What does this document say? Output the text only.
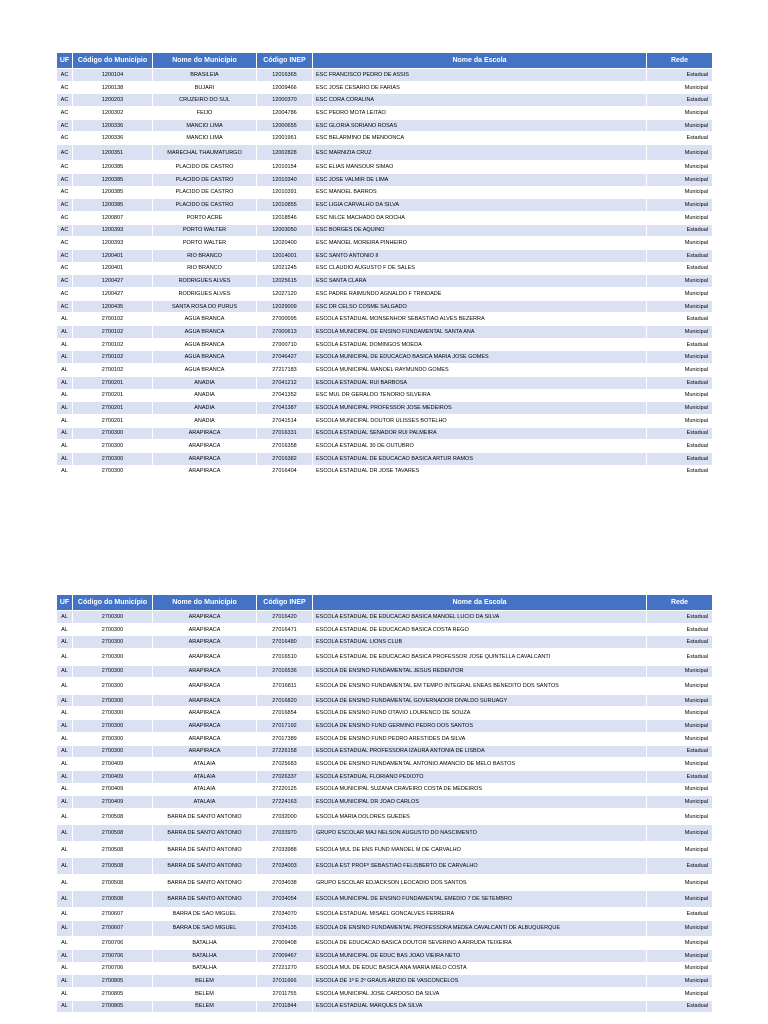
UF	Código do Município	Nome do Município	Código INEP	Nome da Escola	Rede
AC	1200104	BRASILEIA	12016365	ESC FRANCISCO PEDRO DE ASSIS	Estadual
AC	1200138	BUJARI	12009466	ESC JOSE CESARIO DE FARIAS	Municipal
AC	1200203	CRUZEIRO DO SUL	12000370	ESC CORA CORALINA	Estadual
AC	1200302	FEIJO	12004786	ESC PEDRO MOTA LEITAO	Municipal
AC	1200336	MANCIO LIMA	12000655	ESC GLORIA SORIANO ROSAS	Municipal
AC	1200336	MANCIO LIMA	12001961	ESC BELARMINO DE MENDONCA	Estadual
AC	1200351	MARECHAL THAUMATURGO	12002828	ESC MARNIZIA CRUZ	Municipal
AC	1200385	PLACIDO DE CASTRO	12010154	ESC ELIAS MANSOUR SIMAO	Municipal
AC	1200385	PLACIDO DE CASTRO	12010340	ESC JOSE VALMIR DE LIMA	Municipal
AC	1200385	PLACIDO DE CASTRO	12010391	ESC MANOEL BARROS	Municipal
AC	1200385	PLACIDO DE CASTRO	12010855	ESC LIGIA CARVALHO DA SILVA	Municipal
AC	1200807	PORTO ACRE	12018546	ESC NILCE MACHADO DA ROCHA	Municipal
AC	1200393	PORTO WALTER	12003050	ESC BORGES DE AQUINO	Estadual
AC	1200393	PORTO WALTER	12020400	ESC MANOEL MOREIRA PINHEIRO	Municipal
AC	1200401	RIO BRANCO	12014001	ESC SANTO ANTONIO II	Estadual
AC	1200401	RIO BRANCO	12021245	ESC CLAUDIO AUGUSTO F DE SALES	Estadual
AC	1200427	RODRIGUES ALVES	12025615	ESC SANTA CLARA	Municipal
AC	1200427	RODRIGUES ALVES	12027120	ESC PADRE RAIMUNDO AGNALDO F TRINDADE	Municipal
AC	1200435	SANTA ROSA DO PURUS	12029009	ESC DR CELSO COSME SALGADO	Municipal
AL	2700102	AGUA BRANCA	27000095	ESCOLA ESTADUAL MONSENHOR SEBASTIAO ALVES BEZERRA	Estadual
AL	2700102	AGUA BRANCA	27000613	ESCOLA MUNICIPAL DE ENSINO FUNDAMENTAL SANTA ANA	Municipal
AL	2700102	AGUA BRANCA	27000710	ESCOLA ESTADUAL DOMINGOS MOEDA	Estadual
AL	2700102	AGUA BRANCA	27046427	ESCOLA MUNICIPAL DE EDUCACAO BASICA MARIA JOSE GOMES	Municipal
AL	2700102	AGUA BRANCA	27217183	ESCOLA MUNICIPAL MANOEL RAYMUNDO GOMES	Municipal
AL	2700201	ANADIA	27041212	ESCOLA ESTADUAL RUI BARBOSA	Estadual
AL	2700201	ANADIA	27041352	ESC MUL DR GERALDO TENORIO SILVEIRA	Municipal
AL	2700201	ANADIA	27041387	ESCOLA MUNICIPAL PROFESSOR JOSE MEDEIROS	Municipal
AL	2700201	ANADIA	27041514	ESCOLA MUNICIPAL DOUTOR ULISSES BOTELHO	Municipal
AL	2700300	ARAPIRACA	27016331	ESCOLA ESTADUAL SENADOR RUI PALMEIRA	Estadual
AL	2700300	ARAPIRACA	27016358	ESCOLA ESTADUAL 30 DE OUTUBRO	Estadual
AL	2700300	ARAPIRACA	27016382	ESCOLA ESTADUAL DE EDUCACAO BASICA ARTUR RAMOS	Estadual
AL	2700300	ARAPIRACA	27016404	ESCOLA ESTADUAL DR JOSE TAVARES	Estadual
UF	Código do Município	Nome do Município	Código INEP	Nome da Escola	Rede
AL	2700300	ARAPIRACA	27016420	ESCOLA ESTADUAL DE EDUCACAO BASICA MANOEL LUCIO DA SILVA	Estadual
AL	2700300	ARAPIRACA	27016471	ESCOLA ESTADUAL DE EDUCACAO BASICA COSTA REGO	Estadual
AL	2700300	ARAPIRACA	27016480	ESCOLA ESTADUAL LIONS CLUB	Estadual
AL	2700300	ARAPIRACA	27016510	ESCOLA ESTADUAL DE EDUCACAO BASICA PROFESSOR JOSE QUINTELLA CAVALCANTI	Estadual
AL	2700300	ARAPIRACA	27016536	ESCOLA DE ENSINO FUNDAMENTAL JESUS REDENTOR	Municipal
AL	2700300	ARAPIRACA	27016811	ESCOLA DE ENSINO FUNDAMENTAL EM TEMPO INTEGRAL ENEAS BENEDITO DOS SANTOS	Municipal
AL	2700300	ARAPIRACA	27016820	ESCOLA DE ENSINO FUNDAMENTAL GOVERNADOR DIVALDO SURUAGY	Municipal
AL	2700300	ARAPIRACA	27016854	ESCOLA DE ENSINO FUND OTAVIO LOURENCO DE SOUZA	Municipal
AL	2700300	ARAPIRACA	27017192	ESCOLA DE ENSINO FUND GERMINO PEDRO DOS SANTOS	Municipal
AL	2700300	ARAPIRACA	27017389	ESCOLA DE ENSINO FUND PEDRO ARESTIDES DA SILVA	Municipal
AL	2700300	ARAPIRACA	27226158	ESCOLA ESTADUAL PROFESSORA IZAURA ANTONIA DE LISBOA	Estadual
AL	2700409	ATALAIA	27025683	ESCOLA DE ENSINO FUNDAMENTAL ANTONIO AMANCIO DE MELO BASTOS	Municipal
AL	2700409	ATALAIA	27026337	ESCOLA ESTADUAL FLORIANO PEIXOTO	Estadual
AL	2700409	ATALAIA	27220125	ESCOLA MUNICIPAL SUZANA CRAVEIRO COSTA DE MEDEIROS	Municipal
AL	2700409	ATALAIA	27224163	ESCOLA MUNICIPAL DR JOAO CARLOS	Municipal
AL	2700508	BARRA DE SANTO ANTONIO	27032000	ESCOLA MARIA DOLORES GUEDES	Municipal
AL	2700508	BARRA DE SANTO ANTONIO	27033970	GRUPO ESCOLAR MAJ NELSON AUGUSTO DO NASCIMENTO	Municipal
AL	2700508	BARRA DE SANTO ANTONIO	27033988	ESCOLA MUL DE ENS FUND MANOEL M DE CARVALHO	Municipal
AL	2700508	BARRA DE SANTO ANTONIO	27034003	ESCOLA EST PROFº SEBASTIAO FELISBERTO DE CARVALHO	Estadual
AL	2700508	BARRA DE SANTO ANTONIO	27034038	GRUPO ESCOLAR EDJACKSON LEOCADIO DOS SANTOS	Municipal
AL	2700508	BARRA DE SANTO ANTONIO	27034054	ESCOLA MUNICIPAL DE ENSINO FUNDAMENTAL EMEDIO 7 DE SETEMBRO	Municipal
AL	2700607	BARRA DE SAO MIGUEL	27034070	ESCOLA ESTADUAL MISAEL GONCALVES FERREIRA	Estadual
AL	2700607	BARRA DE SAO MIGUEL	27034135	ESCOLA DE ENSINO FUNDAMENTAL PROFESSORA MEDEA CAVALCANTI DE ALBUQUERQUE	Municipal
AL	2700706	BATALHA	27009408	ESCOLA DE EDUCACAO BASICA DOUTOR SEVERINO A ARRUDA TEIXEIRA	Municipal
AL	2700706	BATALHA	27009467	ESCOLA MUNICIPAL DE EDUC BAS JOAO VIEIRA NETO	Municipal
AL	2700706	BATALHA	27221270	ESCOLA MUL DE EDUC BASICA ANA MARIA MELO COSTA	Municipal
AL	2700805	BELEM	27011666	ESCOLA DE 1º E 2º GRAUS ARIZIO DE VASCONCELOS	Municipal
AL	2700805	BELEM	27011755	ESCOLA MUNICIPAL JOSE CARDOSO DA SILVA	Municipal
AL	2700805	BELEM	27011844	ESCOLA ESTADUAL MARQUES DA SILVA	Estadual
